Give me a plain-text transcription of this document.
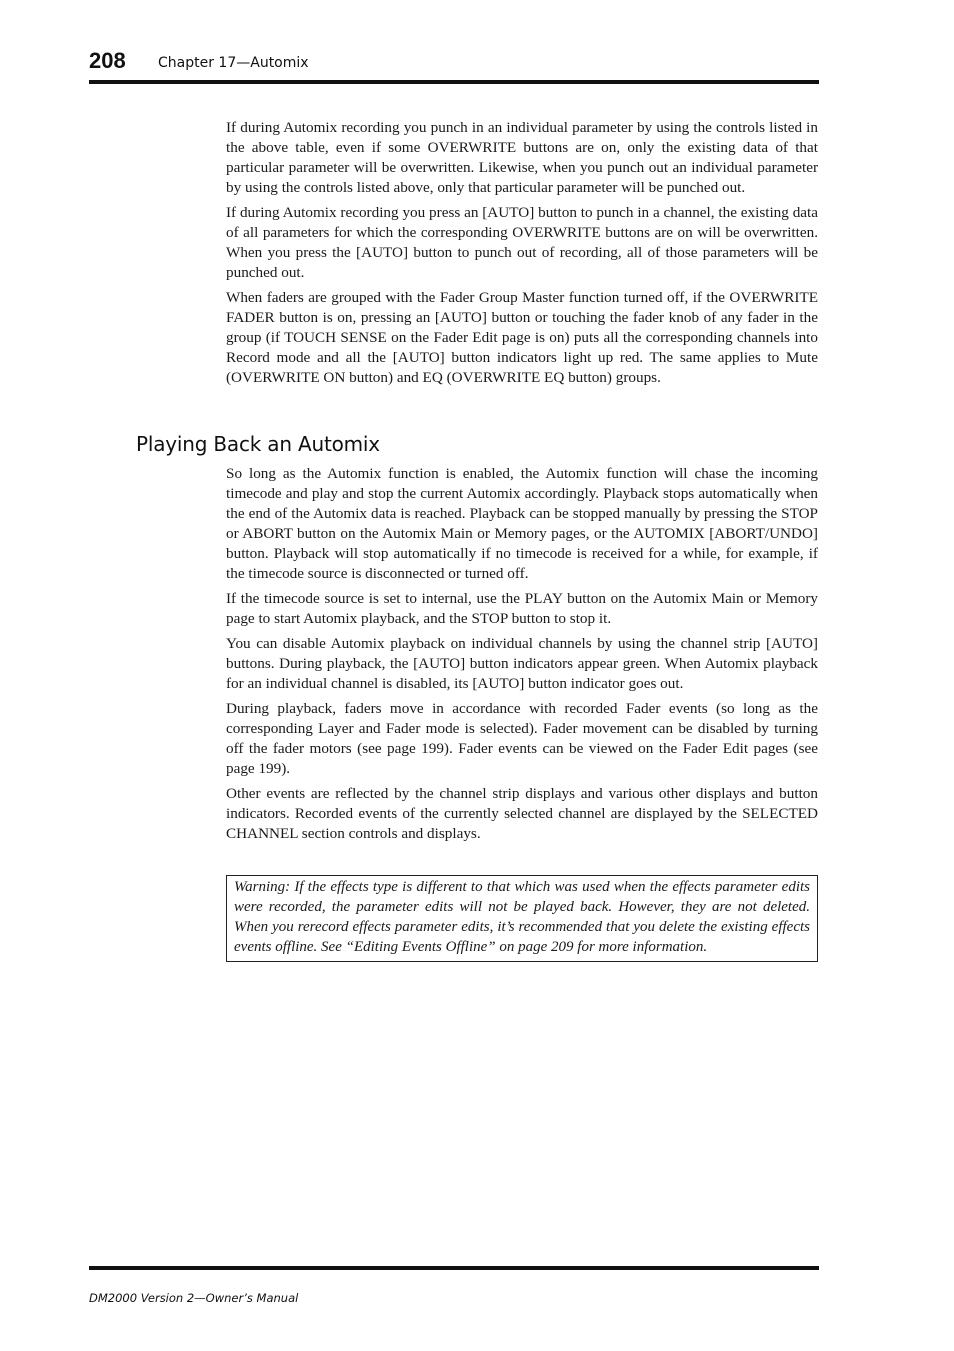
208 Chapter 17—Automix

If during Automix recording you punch in an individual parameter by using the controls listed in the above table, even if some OVERWRITE buttons are on, only the existing data of that particular parameter will be overwritten. Likewise, when you punch out an individual parameter by using the controls listed above, only that particular parameter will be punched out.

If during Automix recording you press an [AUTO] button to punch in a channel, the existing data of all parameters for which the corresponding OVERWRITE buttons are on will be overwritten. When you press the [AUTO] button to punch out of recording, all of those parameters will be punched out.

When faders are grouped with the Fader Group Master function turned off, if the OVERWRITE FADER button is on, pressing an [AUTO] button or touching the fader knob of any fader in the group (if TOUCH SENSE on the Fader Edit page is on) puts all the corresponding channels into Record mode and all the [AUTO] button indicators light up red. The same applies to Mute (OVERWRITE ON button) and EQ (OVERWRITE EQ button) groups.

Playing Back an Automix

So long as the Automix function is enabled, the Automix function will chase the incoming timecode and play and stop the current Automix accordingly. Playback stops automatically when the end of the Automix data is reached. Playback can be stopped manually by pressing the STOP or ABORT button on the Automix Main or Memory pages, or the AUTOMIX [ABORT/UNDO] button. Playback will stop automatically if no timecode is received for a while, for example, if the timecode source is disconnected or turned off.

If the timecode source is set to internal, use the PLAY button on the Automix Main or Memory page to start Automix playback, and the STOP button to stop it.

You can disable Automix playback on individual channels by using the channel strip [AUTO] buttons. During playback, the [AUTO] button indicators appear green. When Automix playback for an individual channel is disabled, its [AUTO] button indicator goes out.

During playback, faders move in accordance with recorded Fader events (so long as the corresponding Layer and Fader mode is selected). Fader movement can be disabled by turning off the fader motors (see page 199). Fader events can be viewed on the Fader Edit pages (see page 199).

Other events are reflected by the channel strip displays and various other displays and button indicators. Recorded events of the currently selected channel are displayed by the SELECTED CHANNEL section controls and displays.

Warning: If the effects type is different to that which was used when the effects parameter edits were recorded, the parameter edits will not be played back. However, they are not deleted. When you rerecord effects parameter edits, it’s recommended that you delete the existing effects events offline. See “Editing Events Offline” on page 209 for more information.
DM2000 Version 2—Owner’s Manual
